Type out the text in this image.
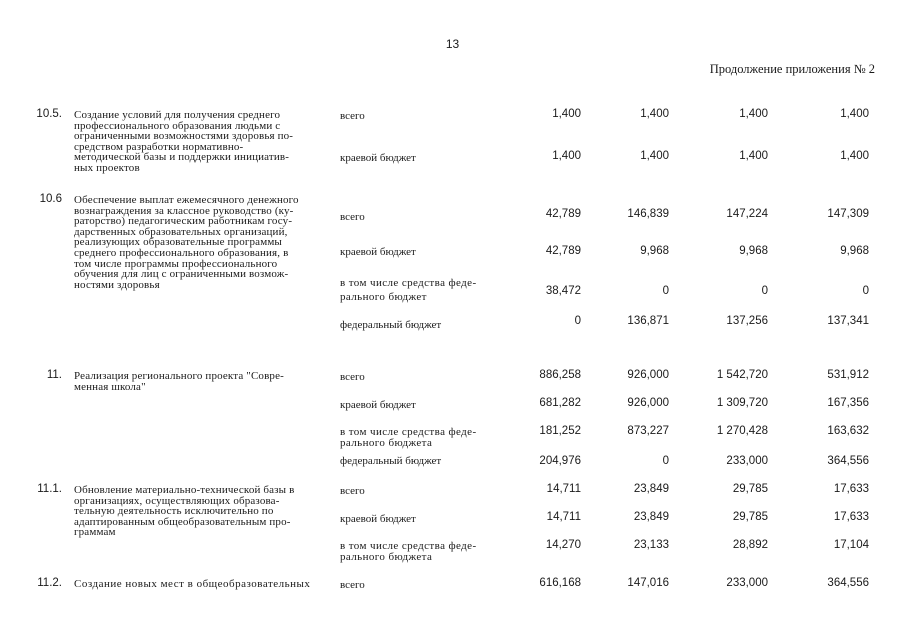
13
Продолжение приложения № 2
10.5. Создание условий для получения среднего
профессионального образования людьми с
ограниченными возможностями здоровья по-
средством разработки нормативно-
методической базы и поддержки инициатив-
ных проектов
всего	1,400	1,400	1,400	1,400
краевой бюджет	1,400	1,400	1,400	1,400
10.6 Обеспечение выплат ежемесячного денежного
вознаграждения за классное руководство (ку-
раторство) педагогическим работникам госу-
дарственных образовательных организаций,
реализующих образовательные программы
среднего профессионального образования, в
том числе программы профессионального
обучения для лиц с ограниченными возмож-
ностями здоровья
всего	42,789	146,839	147,224	147,309
краевой бюджет	42,789	9,968	9,968	9,968
в том числе средства феде-
рального бюджет	38,472	0	0	0
федеральный бюджет	0	136,871	137,256	137,341
11. Реализация регионального проекта "Совре-
менная школа"
всего	886,258	926,000	1 542,720	531,912
краевой бюджет	681,282	926,000	1 309,720	167,356
в том числе средства феде-
рального бюджета
181,252	873,227	1 270,428	163,632
федеральный бюджет	204,976	0	233,000	364,556
11.1. Обновление материально-технической базы в
организациях, осуществляющих образова-
тельную деятельность исключительно по
адаптированным общеобразовательным про-
граммам
всего	14,711	23,849	29,785	17,633
краевой бюджет	14,711	23,849	29,785	17,633
в том числе средства феде-
рального бюджета
14,270	23,133	28,892	17,104
11.2. Создание новых мест в общеобразовательных	всего	616,168	147,016	233,000	364,556
